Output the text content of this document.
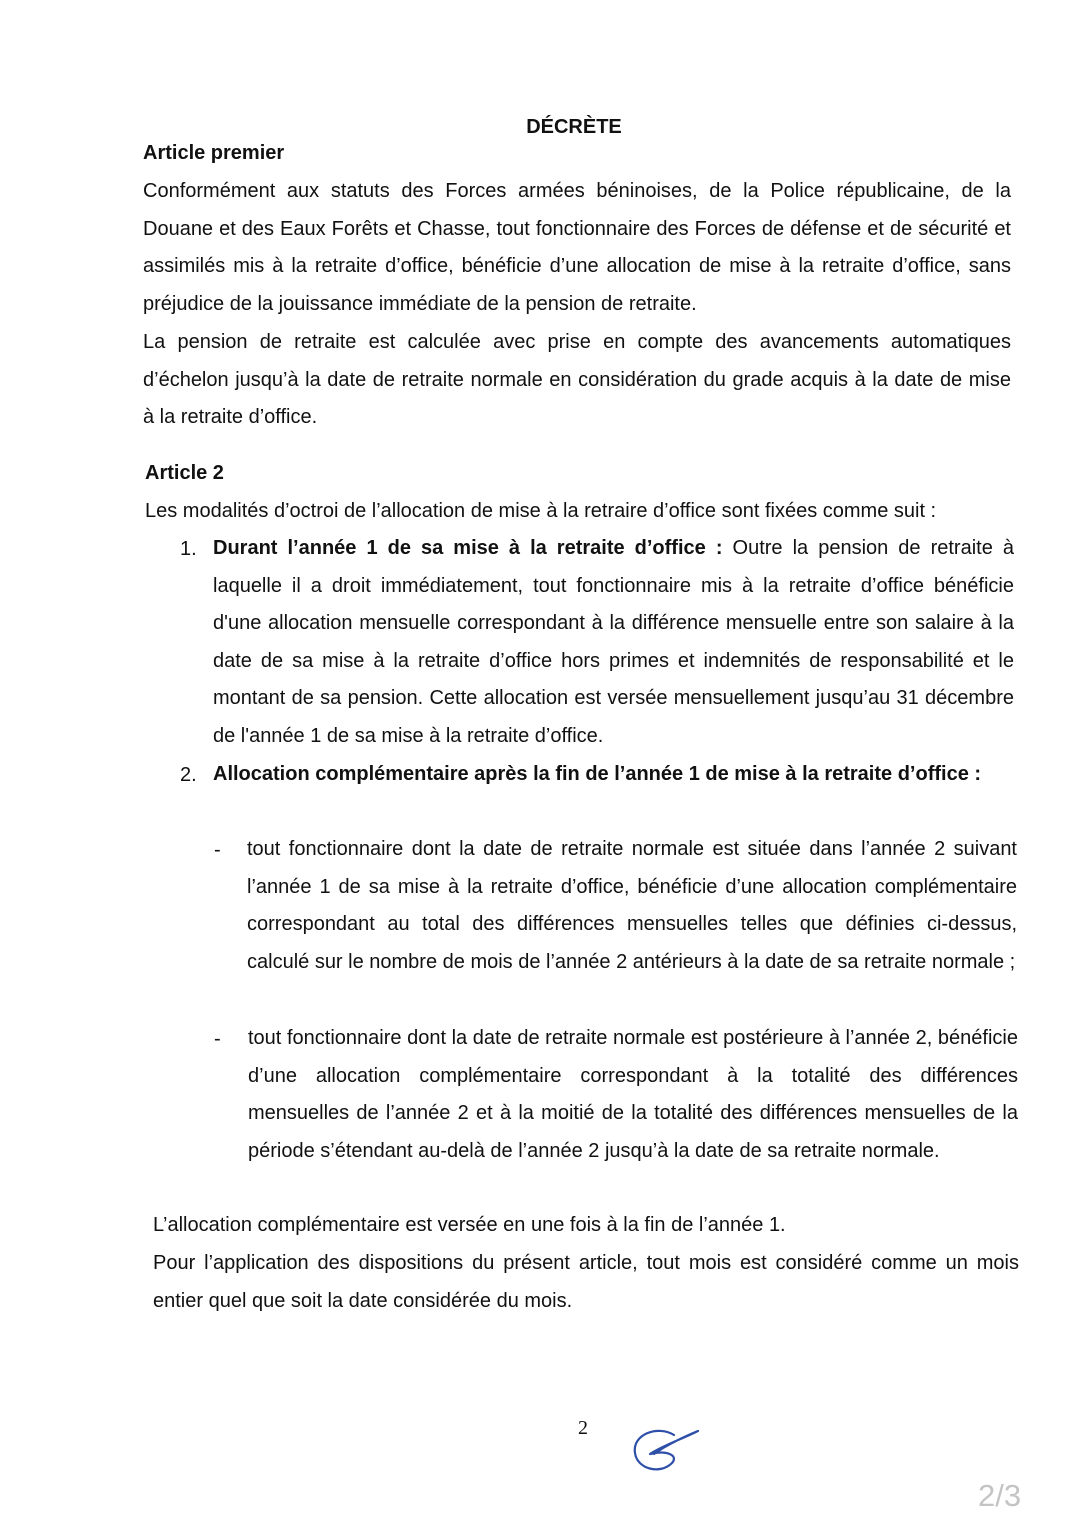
DÉCRÈTE
Article premier

Conformément aux statuts des Forces armées béninoises, de la Police républicaine, de la Douane et des Eaux Forêts et Chasse, tout fonctionnaire des Forces de défense et de sécurité et assimilés mis à la retraite d’office, bénéficie d’une allocation de mise à la retraite d’office, sans préjudice de la jouissance immédiate de la pension de retraite.

La pension de retraite est calculée avec prise en compte des avancements automatiques d’échelon jusqu’à la date de retraite normale en considération du grade acquis à la date de mise à la retraite d’office.

Article 2

Les modalités d’octroi de l’allocation de mise à la retraire d’office sont fixées comme suit :

1. Durant l’année 1 de sa mise à la retraite d’office : Outre la pension de retraite à laquelle il a droit immédiatement, tout fonctionnaire mis à la retraite d’office bénéficie d'une allocation mensuelle correspondant à la différence mensuelle entre son salaire à la date de sa mise à la retraite d’office hors primes et indemnités de responsabilité et le montant de sa pension. Cette allocation est versée mensuellement jusqu’au 31 décembre de l'année 1 de sa mise à la retraite d’office.

2. Allocation complémentaire après la fin de l’année 1 de mise à la retraite d’office :

- tout fonctionnaire dont la date de retraite normale est située dans l’année 2 suivant l’année 1 de sa mise à la retraite d’office, bénéficie d’une allocation complémentaire correspondant au total des différences mensuelles telles que définies ci-dessus, calculé sur le nombre de mois de l’année 2 antérieurs à la date de sa retraite normale ;

- tout fonctionnaire dont la date de retraite normale est postérieure à l’année 2, bénéficie d’une allocation complémentaire correspondant à la totalité des différences mensuelles de l’année 2 et à la moitié de la totalité des différences mensuelles de la période s’étendant au-delà de l’année 2 jusqu’à la date de sa retraite normale.

L’allocation complémentaire est versée en une fois à la fin de l’année 1.

Pour l’application des dispositions du présent article, tout mois est considéré comme un mois entier quel que soit la date considérée du mois.

2
2/3
